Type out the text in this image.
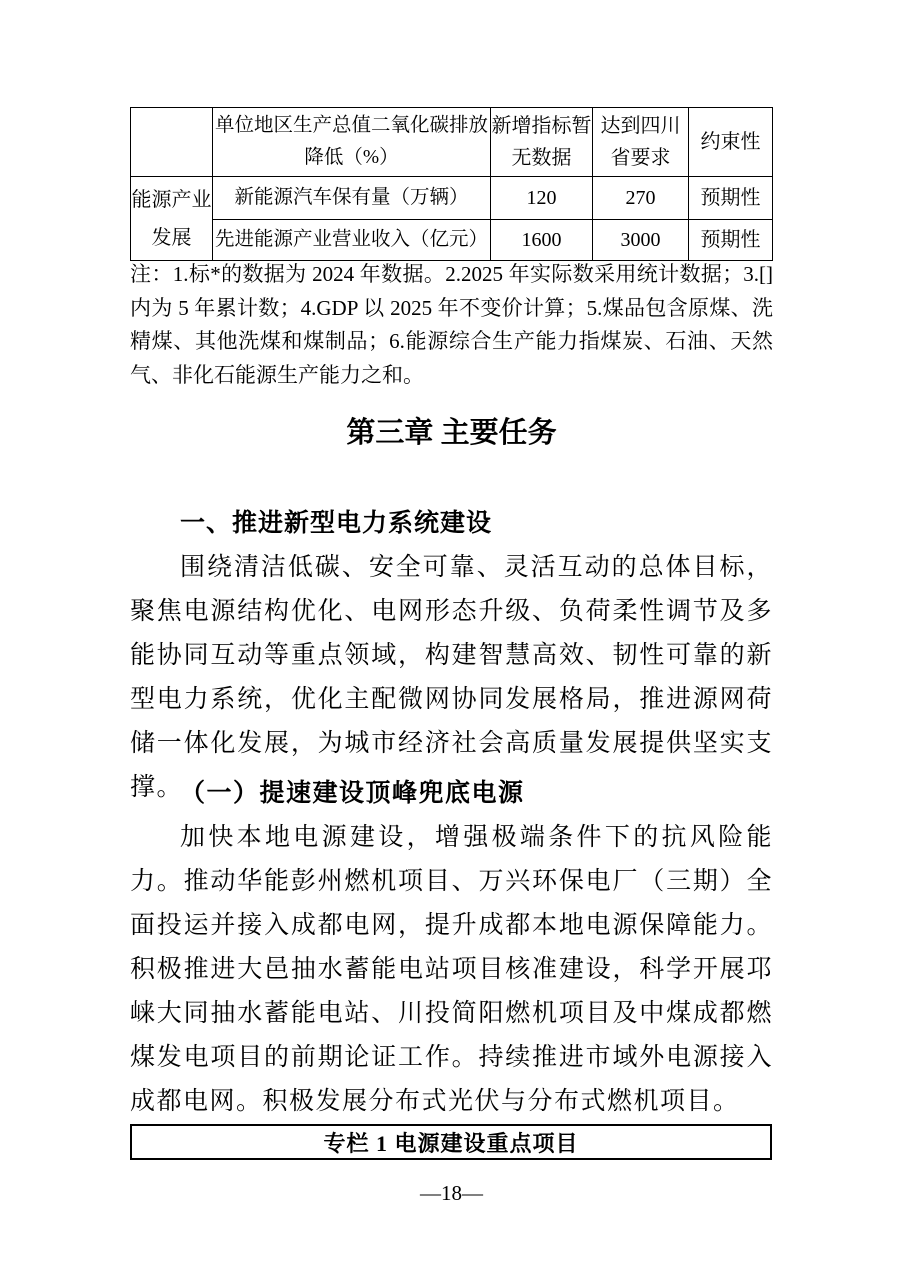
	单位地区生产总值二氧化碳排放降低（%）	新增指标暂无数据	达到四川省要求	约束性
能源产业发展	新能源汽车保有量（万辆）	120	270	预期性
	先进能源产业营业收入（亿元）	1600	3000	预期性

注：1.标*的数据为 2024 年数据。2.2025 年实际数采用统计数据；3.[]内为 5 年累计数；4.GDP 以 2025 年不变价计算；5.煤品包含原煤、洗精煤、其他洗煤和煤制品；6.能源综合生产能力指煤炭、石油、天然气、非化石能源生产能力之和。

第三章 主要任务
一、推进新型电力系统建设

围绕清洁低碳、安全可靠、灵活互动的总体目标，聚焦电源结构优化、电网形态升级、负荷柔性调节及多能协同互动等重点领域，构建智慧高效、韧性可靠的新型电力系统，优化主配微网协同发展格局，推进源网荷储一体化发展，为城市经济社会高质量发展提供坚实支撑。

（一）提速建设顶峰兜底电源

加快本地电源建设，增强极端条件下的抗风险能力。推动华能彭州燃机项目、万兴环保电厂（三期）全面投运并接入成都电网，提升成都本地电源保障能力。积极推进大邑抽水蓄能电站项目核准建设，科学开展邛崃大同抽水蓄能电站、川投简阳燃机项目及中煤成都燃煤发电项目的前期论证工作。持续推进市域外电源接入成都电网。积极发展分布式光伏与分布式燃机项目。

专栏 1 电源建设重点项目

—18—
